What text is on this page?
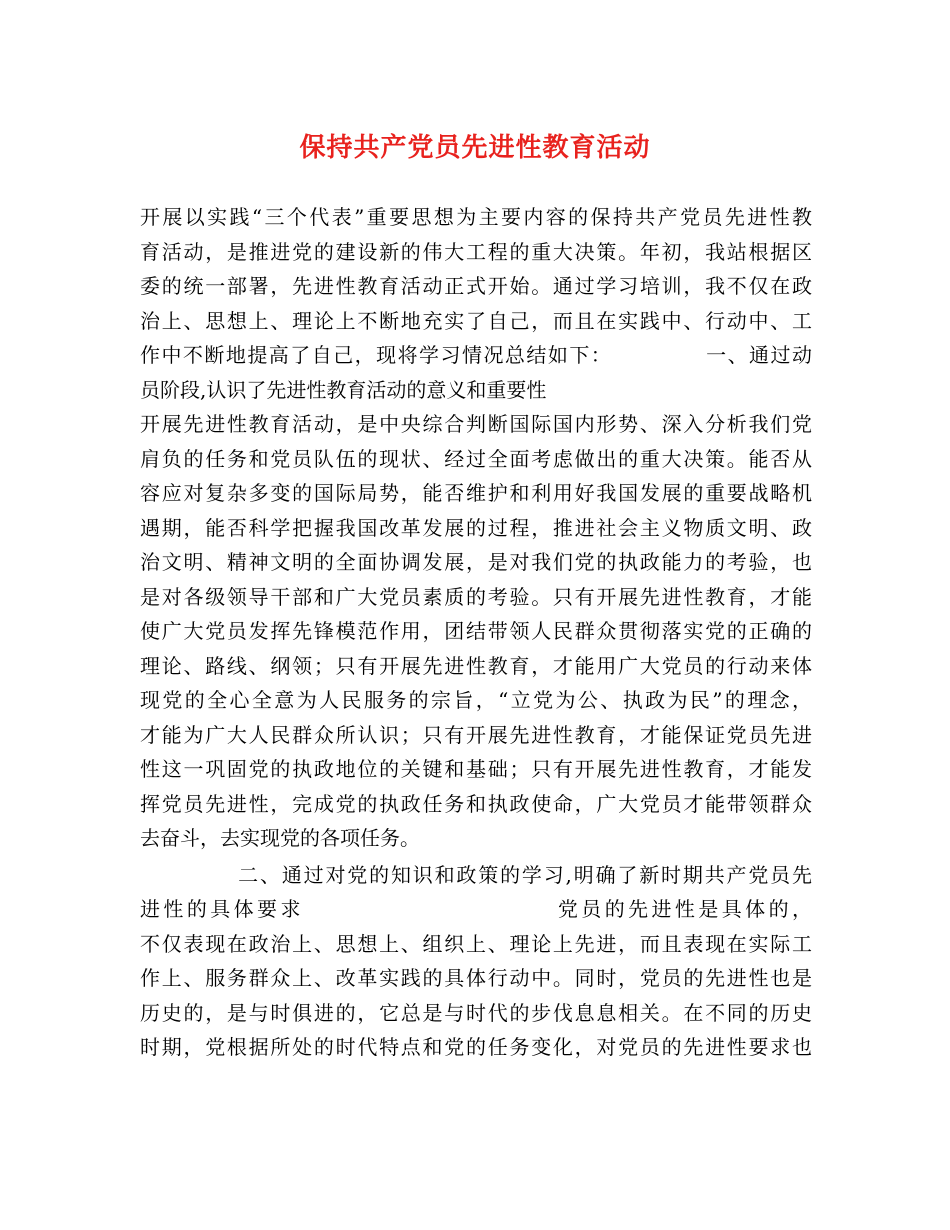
保持共产党员先进性教育活动
开展以实践“三个代表”重要思想为主要内容的保持共产党员先进性教
育活动，是推进党的建设新的伟大工程的重大决策。年初，我站根据区
委的统一部署，先进性教育活动正式开始。通过学习培训，我不仅在政
治上、思想上、理论上不断地充实了自己，而且在实践中、行动中、工
作中不断地提高了自己，现将学习情况总结如下：            一、通过动
员阶段,认识了先进性教育活动的意义和重要性
开展先进性教育活动，是中央综合判断国际国内形势、深入分析我们党
肩负的任务和党员队伍的现状、经过全面考虑做出的重大决策。能否从
容应对复杂多变的国际局势，能否维护和利用好我国发展的重要战略机
遇期，能否科学把握我国改革发展的过程，推进社会主义物质文明、政
治文明、精神文明的全面协调发展，是对我们党的执政能力的考验，也
是对各级领导干部和广大党员素质的考验。只有开展先进性教育，才能
使广大党员发挥先锋模范作用，团结带领人民群众贯彻落实党的正确的
理论、路线、纲领；只有开展先进性教育，才能用广大党员的行动来体
现党的全心全意为人民服务的宗旨，“立党为公、执政为民”的理念，
才能为广大人民群众所认识；只有开展先进性教育，才能保证党员先进
性这一巩固党的执政地位的关键和基础；只有开展先进性教育，才能发
挥党员先进性，完成党的执政任务和执政使命，广大党员才能带领群众
去奋斗，去实现党的各项任务。
二、通过对党的知识和政策的学习,明确了新时期共产党员先
进性的具体要求                          党员的先进性是具体的，
不仅表现在政治上、思想上、组织上、理论上先进，而且表现在实际工
作上、服务群众上、改革实践的具体行动中。同时，党员的先进性也是
历史的，是与时俱进的，它总是与时代的步伐息息相关。在不同的历史
时期，党根据所处的时代特点和党的任务变化，对党员的先进性要求也
